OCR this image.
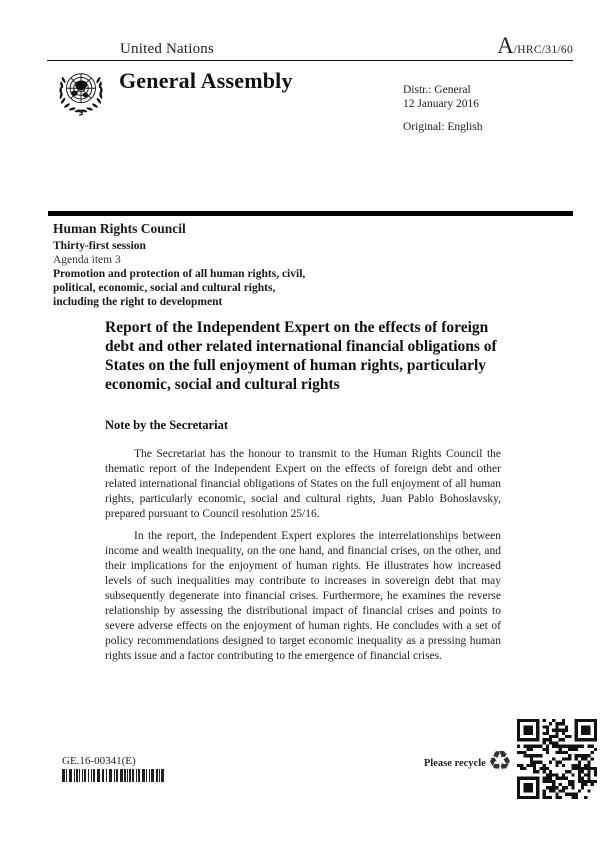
United Nations	A/HRC/31/60
General Assembly	Distr.: General
12 January 2016
Original: English
Human Rights Council
Thirty-first session
Agenda item 3
Promotion and protection of all human rights, civil,
political, economic, social and cultural rights,
including the right to development
Report of the Independent Expert on the effects of foreign debt and other related international financial obligations of States on the full enjoyment of human rights, particularly economic, social and cultural rights
Note by the Secretariat

The Secretariat has the honour to transmit to the Human Rights Council the thematic report of the Independent Expert on the effects of foreign debt and other related international financial obligations of States on the full enjoyment of all human rights, particularly economic, social and cultural rights, Juan Pablo Bohoslavsky, prepared pursuant to Council resolution 25/16.

In the report, the Independent Expert explores the interrelationships between income and wealth inequality, on the one hand, and financial crises, on the other, and their implications for the enjoyment of human rights. He illustrates how increased levels of such inequalities may contribute to increases in sovereign debt that may subsequently degenerate into financial crises. Furthermore, he examines the reverse relationship by assessing the distributional impact of financial crises and points to severe adverse effects on the enjoyment of human rights. He concludes with a set of policy recommendations designed to target economic inequality as a pressing human rights issue and a factor contributing to the emergence of financial crises.

GE.16-00341(E)	Please recycle ♻
